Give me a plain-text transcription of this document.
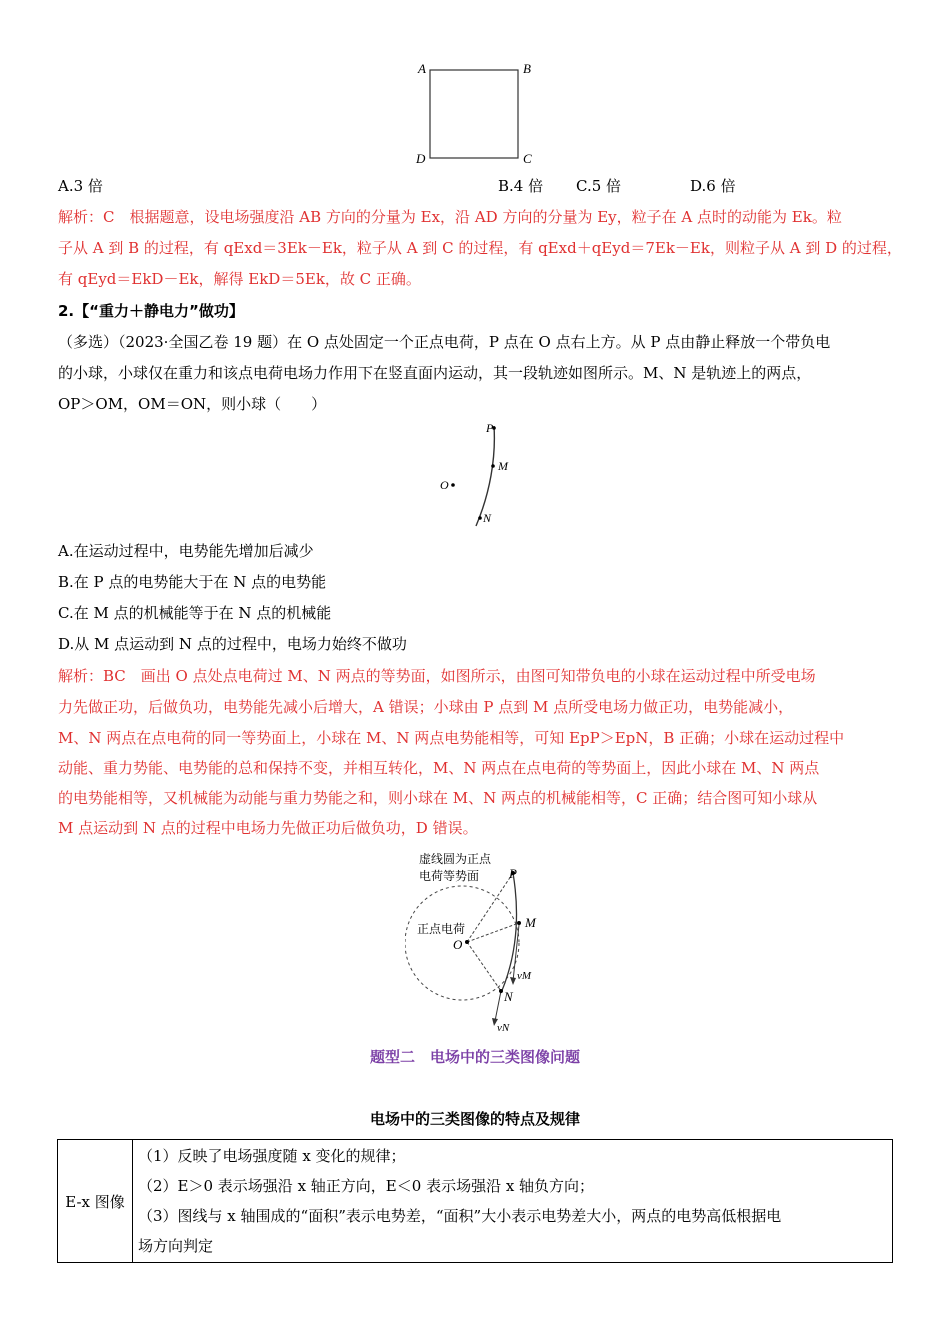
A	B
D	C
A.3 倍	B.4 倍 C.5 倍	D.6 倍
解析：C　根据题意，设电场强度沿 AB 方向的分量为 Ex，沿 AD 方向的分量为 Ey，粒子在 A 点时的动能为 Ek。粒
子从 A 到 B 的过程，有 qExd＝3Ek－Ek，粒子从 A 到 C 的过程，有 qExd＋qEyd＝7Ek－Ek，则粒子从 A 到 D 的过程，
有 qEyd＝EkD－Ek，解得 EkD＝5Ek，故 C 正确。
2.【“重力＋静电力”做功】
（多选）（2023·全国乙卷 19 题）在 O 点处固定一个正点电荷，P 点在 O 点右上方。从 P 点由静止释放一个带负电
的小球，小球仅在重力和该点电荷电场力作用下在竖直面内运动，其一段轨迹如图所示。M、N 是轨迹上的两点，
OP＞OM，OM＝ON，则小球（　　）
P
M
O
N
A.在运动过程中，电势能先增加后减少
B.在 P 点的电势能大于在 N 点的电势能
C.在 M 点的机械能等于在 N 点的机械能
D.从 M 点运动到 N 点的过程中，电场力始终不做功
解析：BC　画出 O 点处点电荷过 M、N 两点的等势面，如图所示，由图可知带负电的小球在运动过程中所受电场
力先做正功，后做负功，电势能先减小后增大，A 错误；小球由 P 点到 M 点所受电场力做正功，电势能减小，
M、N 两点在点电荷的同一等势面上，小球在 M、N 两点电势能相等，可知 EpP＞EpN，B 正确；小球在运动过程中
动能、重力势能、电势能的总和保持不变，并相互转化，M、N 两点在点电荷的等势面上，因此小球在 M、N 两点
的电势能相等，又机械能为动能与重力势能之和，则小球在 M、N 两点的机械能相等，C 正确；结合图可知小球从
M 点运动到 N 点的过程中电场力先做正功后做负功，D 错误。
虚线圆为正点
电荷等势面
正点电荷
P
M
O
N
vM
vN
题型二　电场中的三类图像问题
电场中的三类图像的特点及规律
E-x 图像	
（1）反映了电场强度随 x 变化的规律；
（2）E＞0 表示场强沿 x 轴正方向，E＜0 表示场强沿 x 轴负方向；
（3）图线与 x 轴围成的“面积”表示电势差，“面积”大小表示电势差大小，两点的电势高低根据电
场方向判定
